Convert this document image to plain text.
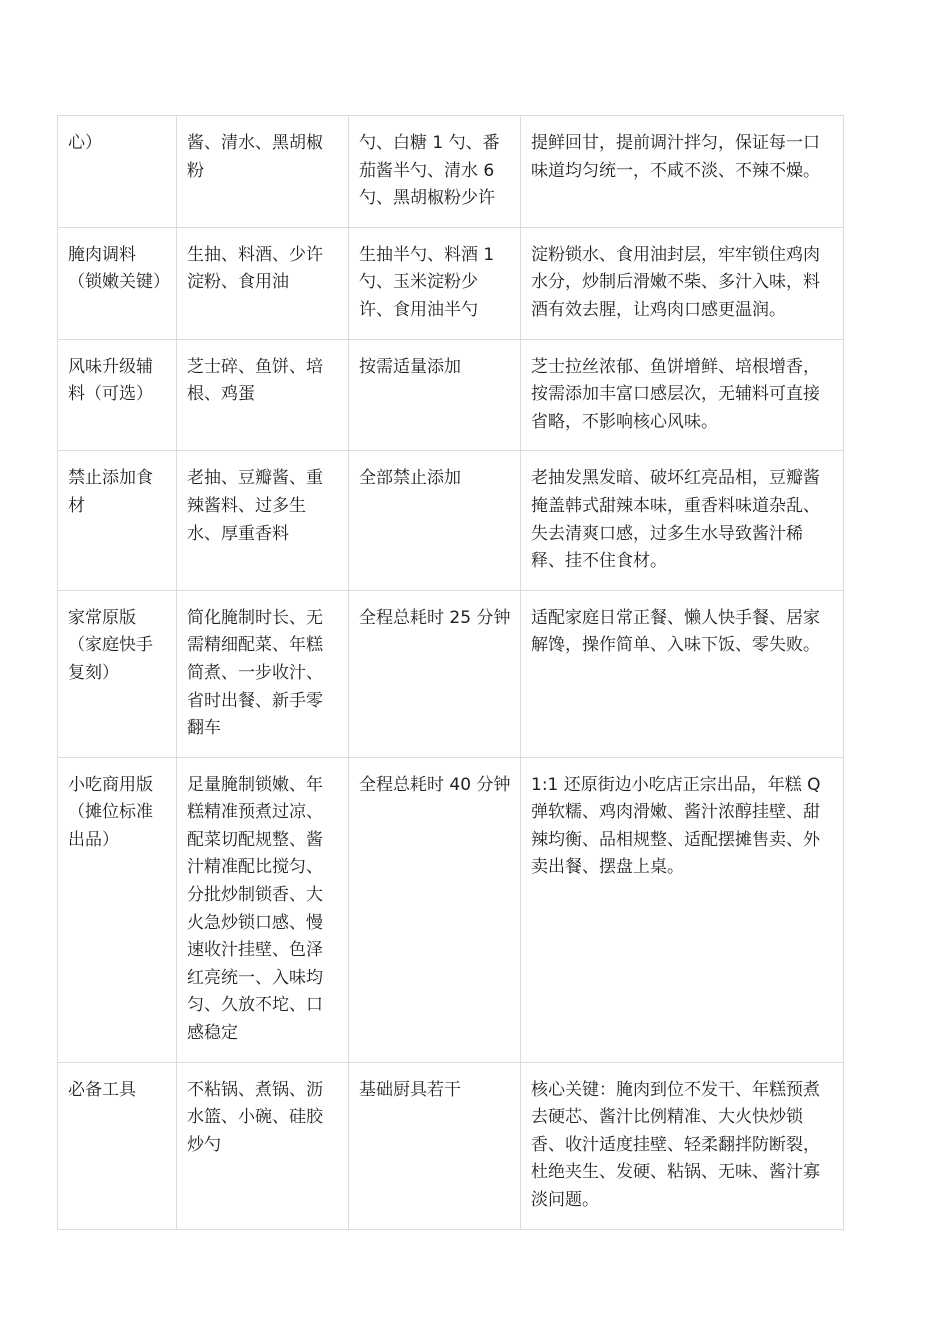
心）	酱、清水、黑胡椒粉	勺、白糖 1 勺、番茄酱半勺、清水 6 勺、黑胡椒粉少许	提鲜回甘，提前调汁拌匀，保证每一口味道均匀统一，不咸不淡、不辣不燥。
腌肉调料（锁嫩关键）	生抽、料酒、少许淀粉、食用油	生抽半勺、料酒 1 勺、玉米淀粉少许、食用油半勺	淀粉锁水、食用油封层，牢牢锁住鸡肉水分，炒制后滑嫩不柴、多汁入味，料酒有效去腥，让鸡肉口感更温润。
风味升级辅料（可选）	芝士碎、鱼饼、培根、鸡蛋	按需适量添加	芝士拉丝浓郁、鱼饼增鲜、培根增香，按需添加丰富口感层次，无辅料可直接省略，不影响核心风味。
禁止添加食材	老抽、豆瓣酱、重辣酱料、过多生水、厚重香料	全部禁止添加	老抽发黑发暗、破坏红亮品相，豆瓣酱掩盖韩式甜辣本味，重香料味道杂乱、失去清爽口感，过多生水导致酱汁稀释、挂不住食材。
家常原版（家庭快手复刻）	简化腌制时长、无需精细配菜、年糕简煮、一步收汁、省时出餐、新手零翻车	全程总耗时 25 分钟	适配家庭日常正餐、懒人快手餐、居家解馋，操作简单、入味下饭、零失败。
小吃商用版（摊位标准出品）	足量腌制锁嫩、年糕精准预煮过凉、配菜切配规整、酱汁精准配比搅匀、分批炒制锁香、大火急炒锁口感、慢速收汁挂壁、色泽红亮统一、入味均匀、久放不坨、口感稳定	全程总耗时 40 分钟	1:1 还原街边小吃店正宗出品，年糕 Q 弹软糯、鸡肉滑嫩、酱汁浓醇挂壁、甜辣均衡、品相规整、适配摆摊售卖、外卖出餐、摆盘上桌。
必备工具	不粘锅、煮锅、沥水篮、小碗、硅胶炒勺	基础厨具若干	核心关键：腌肉到位不发干、年糕预煮去硬芯、酱汁比例精准、大火快炒锁香、收汁适度挂壁、轻柔翻拌防断裂，杜绝夹生、发硬、粘锅、无味、酱汁寡淡问题。
